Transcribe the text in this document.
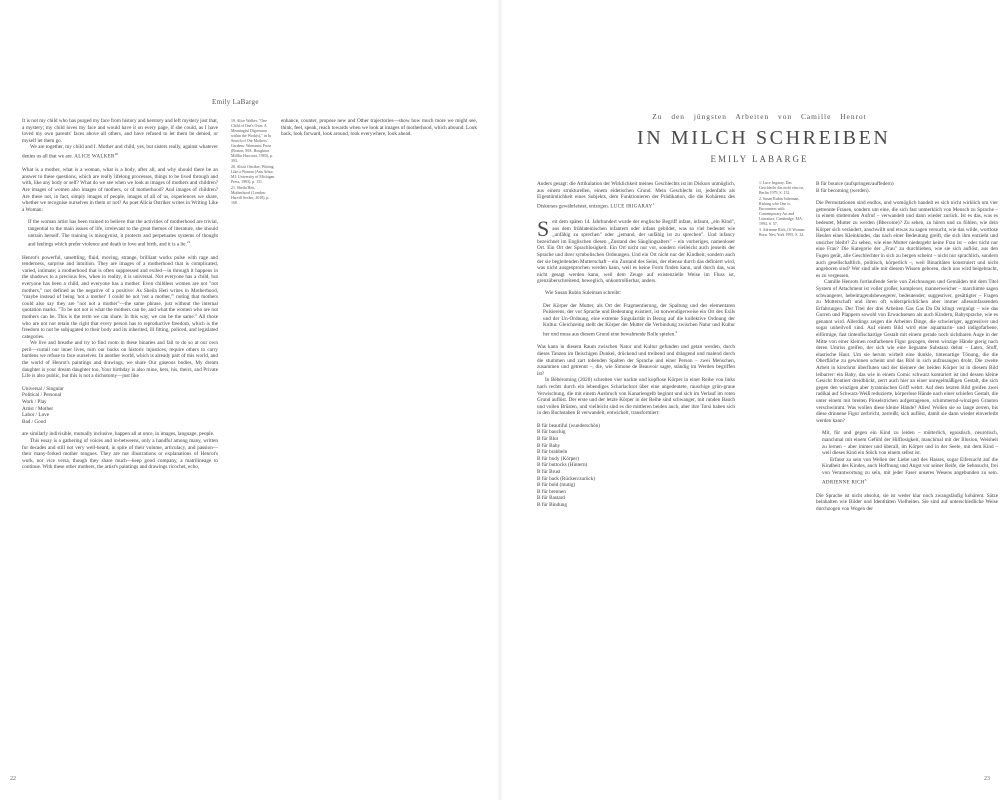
Emily LaBarge

It is not my child who has purged my face from history and herstory and left mystery just that, a mystery; my child loves my face and would have it on every page, if she could, as I have loved my own parents' faces above all others, and have refused to let them be denied, or myself let them go.

We are together, my child and I. Mother and child, yes, but sisters really, against whatever denies us all that we are. ALICE WALKER$^{20}$

What is a mother, what is a woman, what is a body, after all, and why should there be an answer to these questions, which are really lifelong processes, things to be lived through and with, like any body or self? What do we see when we look at images of mothers and children? Are images of women also images of mothers, or of motherhood? And images of children? Are these not, in fact, simply images of people, images of all of us, experiences we share, whether we recognise ourselves in them or not? As poet Alicia Ostriker writes in Writing Like a Woman:

If the woman artist has been trained to believe that the activities of motherhood are trivial, tangential to the main issues of life, irrelevant to the great themes of literature, she should untrain herself. The training is misogynist, it protects and perpetuates systems of thought and feelings which prefer violence and death to love and birth, and it is a lie.$^{21}$

Henrot's powerful, unsettling, fluid, moving, strange, brilliant works pulse with rage and tenderness, surprise and intuition. They are images of a motherhood that is complicated, varied, intimate; a motherhood that is often suppressed and exiled—in through it happens in the shadows to a precious few, when in reality, it is universal. Not everyone has a child, but everyone has been a child, and everyone has a mother. Even childless women are not "not mothers," not defined as the negative of a positive: As Sheila Heti writes in Motherhood, "maybe instead of being 'not a mother' I could be not 'not a mother,'" noting that mothers could also say they are "not not a mother"—the same phrase, just without the internal quotation marks. "To be not not is what the mothers can be, and what the women who are not mothers can be. This is the term we can share. In this way, we can be the same." All those who are not not retain the right that every person has to reproductive freedom, which is the freedom to not be subjugated to their body and its inherited, ill fitting, policed, and legislated categories.

We live and breathe and try to find room in these binaries and fail to do so at our own peril—curtail our inner lives, turn our backs on historic injustices, require others to carry burdens we refuse to face ourselves. In another world, which is already part of this world, and the world of Henrot's paintings and drawings, we share Our gaseous bodies, My dream daughter is your dream daughter too, Your birthday is also mine, hers, his, theirs, and Private Life is also public, but this is not a dichotomy—just like

Universal / Singular
Political / Personal
Work / Play
Artist / Mother
Labor / Love
Bad / Good

are similarly indivisible, mutually inclusive, happen all at once, in images, language, people.

This essay is a gathering of voices and in-betweens, only a handful among many, written for decades and still not very well-heard, in spite of their volume, articulacy, and passion—their many-forked mother tongues. They are not illustrations or explanations of Henrot's work, nor vice versa, though they share much—keep good company, a matrilineage to continue. With these other mothers, the artist's paintings and drawings ricochet, echo,

19. Alice Walker, "One Child of One's Own: A Meaningful Digression within the Work(s)," in In Search of Our Mothers' Gardens: Womanist Prose (Boston, MA: Houghton Mifflin Harcourt, 1983), p. 393.

20. Alicia Ostriker, Writing Like a Woman (Ann Arbor, MI: University of Michigan Press, 1983), p. 131.

21. Sheila Heti, Motherhood (London: Harvill Secker, 2018), p. 168.

enhance, counter, propose new and Other trajectories—show how much more we might see, think, feel, speak, reach towards when we look at images of motherhood, which abound: Look back, look forward, look around, look everywhere, look ahead.

22
Zu den jüngsten Arbeiten von Camille Henrot
IN MILCH SCHREIBEN
EMILY LABARGE

Anders gesagt: die Artikulation der Wirklichkeit meines Geschlechts ist im Diskurs unmöglich, aus einem strukturellen, einem eidetischen Grund. Mein Geschlecht ist, jedenfalls als Eigentümlichkeit eines Subjekts, dem Funktionieren der Prädikation, die die Kohärenz des Diskurses gewährleistet, entzogen. LUCE IRIGARAY$^1$

Seit dem späten 14. Jahrhundert wurde der englische Begriff infant, infaunt, „ein Kind", aus dem frühlateinischen infantem oder infans gebildet, was so viel bedeutet wie „unfähig zu sprechen" oder „jemand, der unfähig ist zu sprechen". Und infancy bezeichnet im Englischen diesen „Zustand des Säuglingsalters" – ein vorheriges, namenloser Ort. Ein Ort der Sprachlosigkeit. Ein Ort nicht nur vor, sondern vielleicht auch jenseits der Sprache und ihrer symbolischen Ordnungen. Und ein Ort nicht nur der Kindheit, sondern auch der sie begleitenden Mutterschaft – ein Zustand des Seins, der ebenso durch das definiert wird, was nicht ausgesprochen werden kann, weil es keine Form finden kann, und durch das, was nicht gesagt werden kann, weil dem Zeuge auf existenzielle Weise im Fluss ist, grenzüberschreitend, beweglich, unkontrollierbar, anders.

Wie Susan Rubin Suleiman schreibt:

Der Körper der Mutter, als Ort der Fragmentierung, der Spaltung und des elementaren Pulsierens, der vor Sprache und Bedeutung existiert, ist notwendigerweise ein Ort des Exils und der Un-Ordnung, eine extreme Singularität in Bezug auf die kollektive Ordnung der Kultur. Gleichzeitig stellt der Körper der Mutter die Verbindung zwischen Natur und Kultur her und muss aus diesem Grund eine bewahrende Rolle spielen.$^2$

Was kann in diesem Raum zwischen Natur und Kultur gefunden und getan werden, durch dieses Tanzen im fleischigen Dunkel, drückend und treibend und drängend und malend durch die stummen und zart tobenden Spalten der Sprache und einer Person – zwei Menschen, zusammen und getrennt –, die, wie Simone de Beauvoir sagte, ständig im Werden begriffen ist?

In Bébéroming (2020) schreiten vier nackte und kopflose Körper in einer Reihe von links nach rechts durch ein lebendiges Scharlachrot über eine angedeutete, rauschige grün-graue Verwischung, die mit einem Ausbruch von Kanariengelb beginnt und sich im Verlauf im roten Grund auflöst. Der erste und der letzte Körper in der Reihe sind schwanger, mit runden Bauch und vollen Brüsten, und vielleicht sind es die mittleren beiden auch, aber ihre Torsi haben sich in den Buchstaben B verwandelt, entwickelt, transformiert:

B für beautiful (wunderschön)
B für bauchig
B für Blut
B für Baby
B für brabbeln
B für body (Körper)
B für buttocks (Hintern)
B für Brust
B für back (Rücken/zurück)
B für bold (mutig)
B für brennen
B für Bastard
B für Bindung

1. Luce Irigaray, Das Geschlecht das nicht eins ist, Berlin 1979, S. 152.

2. Susan Rubin Suleiman, Risking who One is: Encounters with Contemporary Art and Literature, Cambridge, MA, 1994, S. 57.

3. Adrienne Rich, Of Woman Born. New York 1995, S. 32.

B für bounce (aufspringen/auffedern)
B für becoming (werden).

Die Permutationen sind endlos, und womöglich handelt es sich nicht wirklich um vier getrennte Frauen, sondern um eine, die sich fast unmerklich von Mensch zu Sprache – in einem stotternden Aufruf – verwandelt und dann wieder zurück. Ist es das, was es bedeutet, Mutter zu werden (Bbecome)? Zu sehen, zu hören und zu fühlen, wie dein Körper sich verändert, anschwillt und etwas zu sagen versucht, wie das wilde, wortlose Heulen eines Kleinkindes, das nach einer Bedeutung greift, die sich ihm entzieht und unsicher bleibt? Zu sehen, wie eine Mutter niedergeht keine Frau ist – oder nicht nur eine Frau? Die Kategorie der „Frau" zu durchlieben, wie sie sich auflöst, aus den Fugen gerät, alle Geschlechter in sich zu bergen scheint – nicht nur sprachlich, sondern auch gesellschaftlich, politisch, körperlich –, weil Binaritäten konstruiert und nicht angeboren sind? Wer sind alle mit diesem Wissen geboren, doch uns wird beigebracht, es zu vergessen.

Camille Henrots fortlaufende Serie von Zeichnungen und Gemälden mit dem Titel System of Attachment ist voller großer, komplexer, mannerweicher – marchimte sagen schwangerer, hebeitragendsbewegerer, bedeutender, suggestiver, gesättigter – Fragen zu Mutterschaft und ihren oft widersprüchlichen aber immer allesumfassenden Erfahrungen. Der Titel der drei Arbeiten Gas Gas Da Da klingt vergnügt – wie das Gurren und Plappern sowohl von Erwachsenen als auch Kindern, Babysprache, wie es genannt wird. Allerdings zeigen die Arbeiten Dinge, die schwieriger, aggressiver und sogar unheilvoll sind. Auf einem Bild wird eine aquamarin- und indigofarbene, eiförmige, fast tintenfischartige Gestalt mit einem gerade noch sichtbaren Auge in der Mitte von einer kleinen rostfarbenen Figur gezogen, deren winzige Hände gierig nach deren Umriss greifen, der sich wie eine liegsame Substanz dehnt – Latex, Stoff, elastische Haut. Um sie herum wirbelt eine dunkle, tintenartige Tönung, die die Oberfläche zu gewinnen scheint und das Bild in sich aufzusaugen droht. Die zweite Arbeit in kirschrot überfluten und der kleinere der beiden Körper ist in diesem Bild leibarrer: ein Baby, das wie in einem Comic schwarz konturiert ist und dessen kleine Gesicht frontiert dreidblickt, zerrt auch hier an einer unregelmäßigen Gestalt, die sich gegen den winzigen aber tyrannischen Griff wehrt. Auf dem letzten Bild greifen zwei radikal auf Schwarz-Weiß reduzierte, körperlose Hände nach einer schiefen Gestalt, die unter einem mit breiten Pinselstrichen aufgetragenen, schimmernd-winzigen Grauton verschwimmt. Was wollen diese kleine Hände? Alles! Wollen sie so lange zerren, bis diese drinnene Figur zerbricht, zerreißt, sich auflöst, damit sie dann wieder einverleibt werden kann?

Mit, für und gegen ein Kind zu leiden – mütterlich, egoistisch, neurotisch, manchmal mit einem Gefühl der Hilflosigkeit, manchmal mit der Illusion, Weisheit zu lernen – aber immer und überall, im Körper und in der Seele, mit dem Kind – weil dieses Kind ein Stück von einem selbst ist.

Erfasst zu sein von Wellen der Liebe und des Hasses, sogar Eifersucht auf die Kindheit des Kindes, auch Hoffnung und Angst vor seiner Reife, die Sehnsucht, frei von Verantwortung zu sein, mit jeder Faser unseres Wesens angebunden zu sein. ADRIENNE RICH$^3$

Die Sprache ist nicht absolut, sie ist weder klar noch zwangsläufig kohärent. Sätze beinhalten wie Bilder und Identitäten Vielheiten. Sie sind auf unterschiedliche Weise durchzogen von Wogen der

23
